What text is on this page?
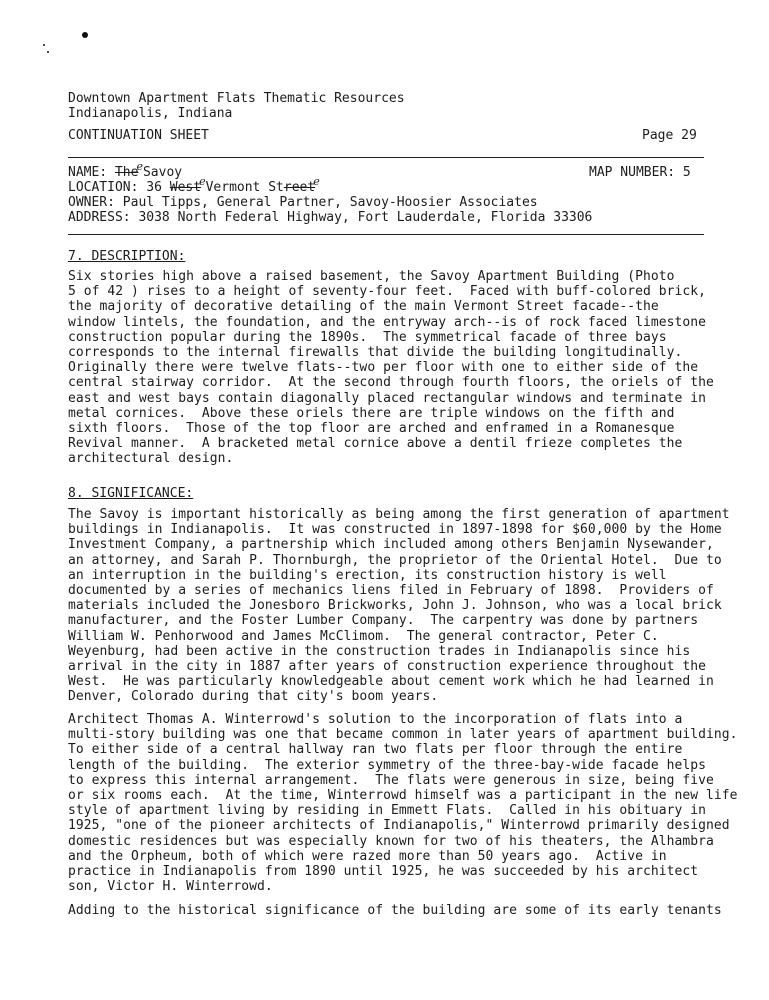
Downtown Apartment Flats Thematic Resources
Indianapolis, Indiana
CONTINUATION SHEET	Page 29
NAME: The$^e$Savoy	MAP NUMBER: 5
LOCATION: 36 West$^e$Vermont Street$^e$
OWNER: Paul Tipps, General Partner, Savoy-Hoosier Associates
ADDRESS: 3038 North Federal Highway, Fort Lauderdale, Florida 33306
7. DESCRIPTION:
Six stories high above a raised basement, the Savoy Apartment Building (Photo
5 of 42 ) rises to a height of seventy-four feet.  Faced with buff-colored brick,
the majority of decorative detailing of the main Vermont Street facade--the
window lintels, the foundation, and the entryway arch--is of rock faced limestone
construction popular during the 1890s.  The symmetrical facade of three bays
corresponds to the internal firewalls that divide the building longitudinally.
Originally there were twelve flats--two per floor with one to either side of the
central stairway corridor.  At the second through fourth floors, the oriels of the
east and west bays contain diagonally placed rectangular windows and terminate in
metal cornices.  Above these oriels there are triple windows on the fifth and
sixth floors.  Those of the top floor are arched and enframed in a Romanesque
Revival manner.  A bracketed metal cornice above a dentil frieze completes the
architectural design.
8. SIGNIFICANCE:
The Savoy is important historically as being among the first generation of apartment
buildings in Indianapolis.  It was constructed in 1897-1898 for $60,000 by the Home
Investment Company, a partnership which included among others Benjamin Nysewander,
an attorney, and Sarah P. Thornburgh, the proprietor of the Oriental Hotel.  Due to
an interruption in the building's erection, its construction history is well
documented by a series of mechanics liens filed in February of 1898.  Providers of
materials included the Jonesboro Brickworks, John J. Johnson, who was a local brick
manufacturer, and the Foster Lumber Company.  The carpentry was done by partners
William W. Penhorwood and James McClimom.  The general contractor, Peter C.
Weyenburg, had been active in the construction trades in Indianapolis since his
arrival in the city in 1887 after years of construction experience throughout the
West.  He was particularly knowledgeable about cement work which he had learned in
Denver, Colorado during that city's boom years.
Architect Thomas A. Winterrowd's solution to the incorporation of flats into a
multi-story building was one that became common in later years of apartment building.
To either side of a central hallway ran two flats per floor through the entire
length of the building.  The exterior symmetry of the three-bay-wide facade helps
to express this internal arrangement.  The flats were generous in size, being five
or six rooms each.  At the time, Winterrowd himself was a participant in the new life
style of apartment living by residing in Emmett Flats.  Called in his obituary in
1925, "one of the pioneer architects of Indianapolis," Winterrowd primarily designed
domestic residences but was especially known for two of his theaters, the Alhambra
and the Orpheum, both of which were razed more than 50 years ago.  Active in
practice in Indianapolis from 1890 until 1925, he was succeeded by his architect
son, Victor H. Winterrowd.
Adding to the historical significance of the building are some of its early tenants
